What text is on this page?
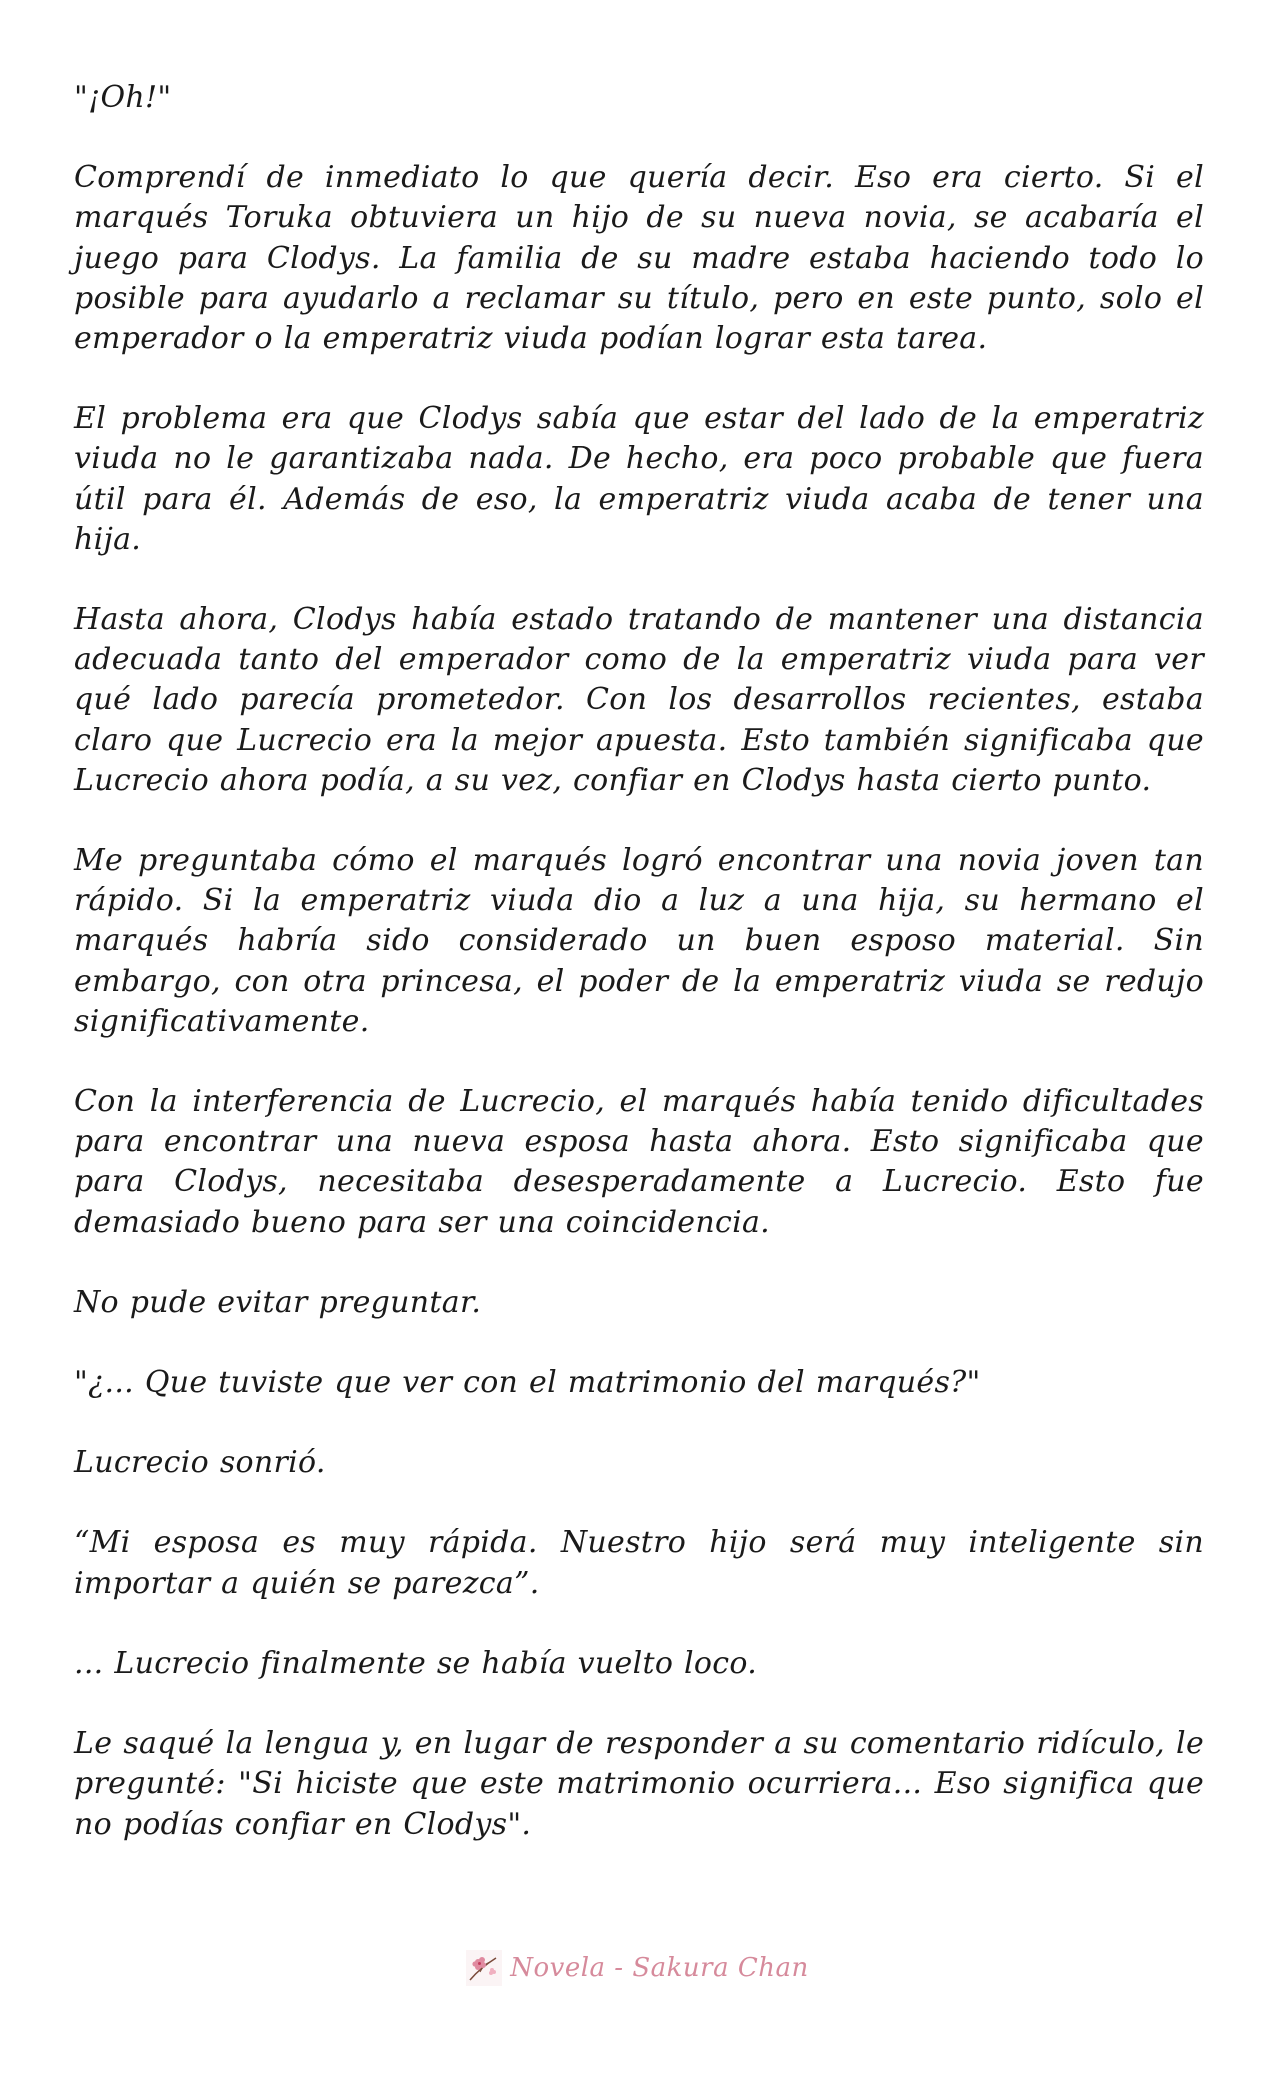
"¡Oh!"

Comprendí de inmediato lo que quería decir. Eso era cierto. Si el marqués Toruka obtuviera un hijo de su nueva novia, se acabaría el juego para Clodys. La familia de su madre estaba haciendo todo lo posible para ayudarlo a reclamar su título, pero en este punto, solo el emperador o la emperatriz viuda podían lograr esta tarea.

El problema era que Clodys sabía que estar del lado de la emperatriz viuda no le garantizaba nada. De hecho, era poco probable que fuera útil para él. Además de eso, la emperatriz viuda acaba de tener una hija.

Hasta ahora, Clodys había estado tratando de mantener una distancia adecuada tanto del emperador como de la emperatriz viuda para ver qué lado parecía prometedor. Con los desarrollos recientes, estaba claro que Lucrecio era la mejor apuesta. Esto también significaba que Lucrecio ahora podía, a su vez, confiar en Clodys hasta cierto punto.

Me preguntaba cómo el marqués logró encontrar una novia joven tan rápido. Si la emperatriz viuda dio a luz a una hija, su hermano el marqués habría sido considerado un buen esposo material. Sin embargo, con otra princesa, el poder de la emperatriz viuda se redujo significativamente.

Con la interferencia de Lucrecio, el marqués había tenido dificultades para encontrar una nueva esposa hasta ahora. Esto significaba que para Clodys, necesitaba desesperadamente a Lucrecio. Esto fue demasiado bueno para ser una coincidencia.

No pude evitar preguntar.

"¿... Que tuviste que ver con el matrimonio del marqués?"

Lucrecio sonrió.

“Mi esposa es muy rápida. Nuestro hijo será muy inteligente sin importar a quién se parezca”.

... Lucrecio finalmente se había vuelto loco.

Le saqué la lengua y, en lugar de responder a su comentario ridículo, le pregunté: "Si hiciste que este matrimonio ocurriera... Eso significa que no podías confiar en Clodys".

Novela - Sakura Chan
